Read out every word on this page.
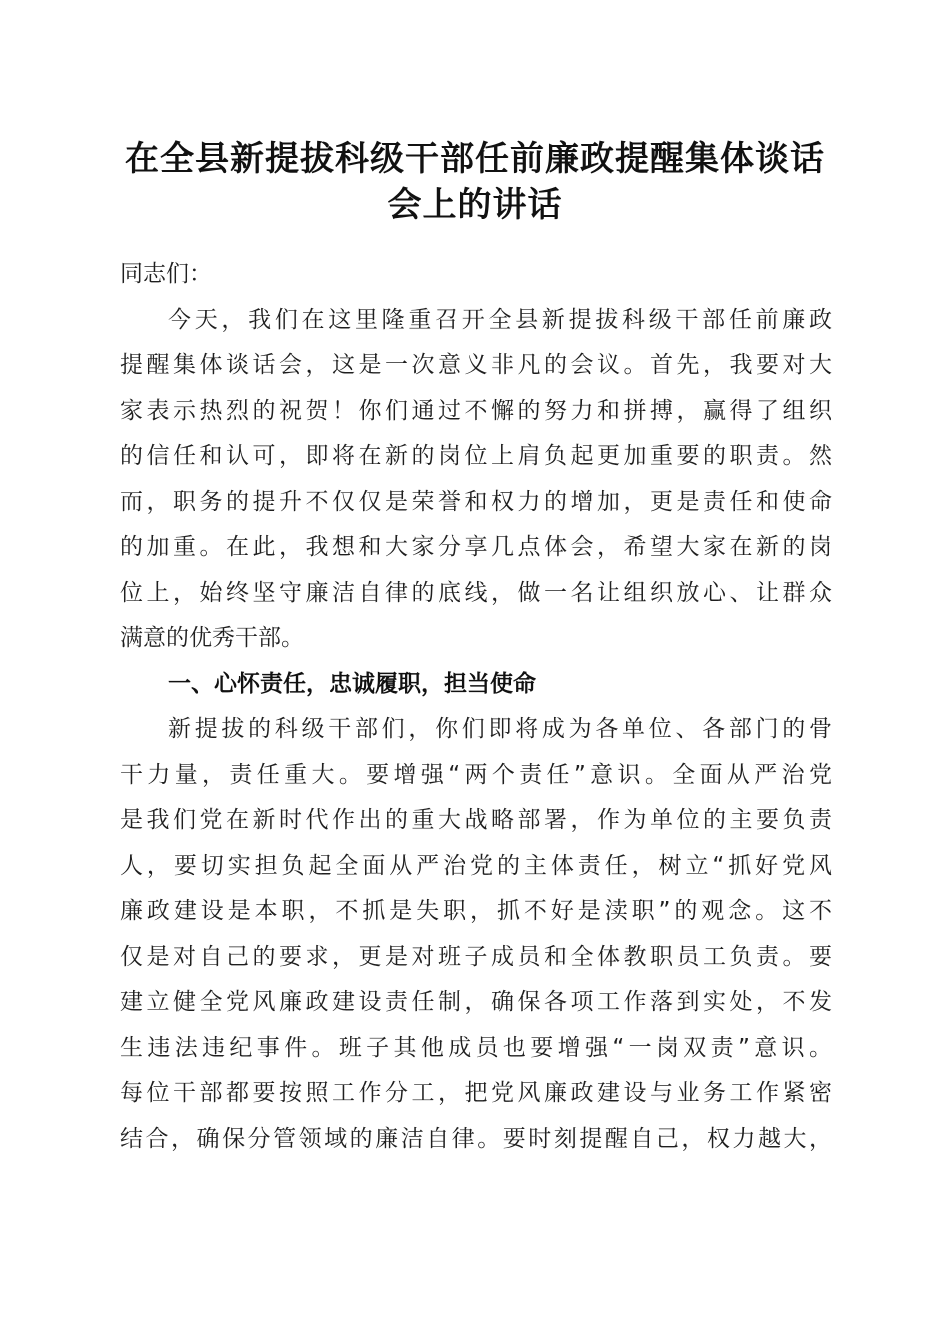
在全县新提拔科级干部任前廉政提醒集体谈话
会上的讲话
同志们：
今天，我们在这里隆重召开全县新提拔科级干部任前廉政
提醒集体谈话会，这是一次意义非凡的会议。首先，我要对大
家表示热烈的祝贺！你们通过不懈的努力和拼搏，赢得了组织
的信任和认可，即将在新的岗位上肩负起更加重要的职责。然
而，职务的提升不仅仅是荣誉和权力的增加，更是责任和使命
的加重。在此，我想和大家分享几点体会，希望大家在新的岗
位上，始终坚守廉洁自律的底线，做一名让组织放心、让群众
满意的优秀干部。
一、心怀责任，忠诚履职，担当使命
新提拔的科级干部们，你们即将成为各单位、各部门的骨
干力量，责任重大。要增强“两个责任”意识。全面从严治党
是我们党在新时代作出的重大战略部署，作为单位的主要负责
人，要切实担负起全面从严治党的主体责任，树立“抓好党风
廉政建设是本职，不抓是失职，抓不好是渎职”的观念。这不
仅是对自己的要求，更是对班子成员和全体教职员工负责。要
建立健全党风廉政建设责任制，确保各项工作落到实处，不发
生违法违纪事件。班子其他成员也要增强“一岗双责”意识。
每位干部都要按照工作分工，把党风廉政建设与业务工作紧密
结合，确保分管领域的廉洁自律。要时刻提醒自己，权力越大，
